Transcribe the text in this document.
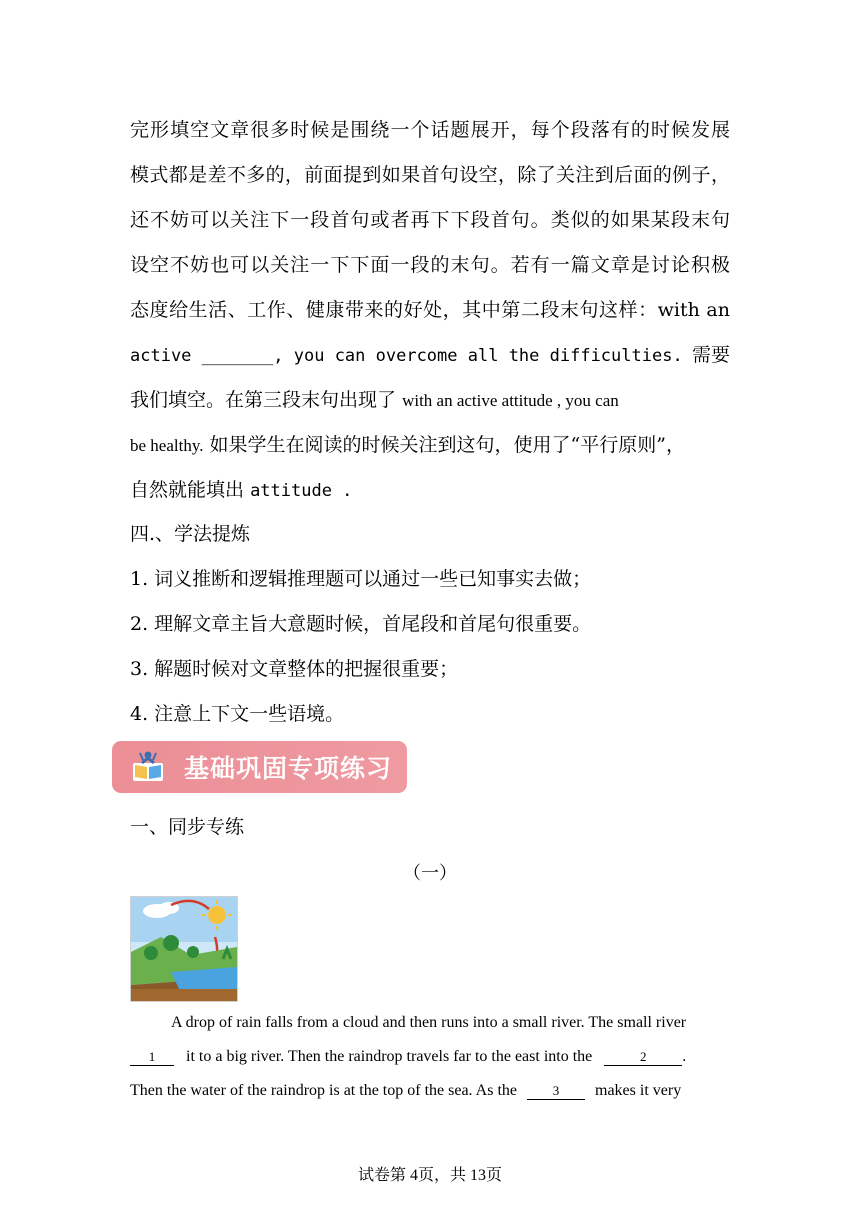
完形填空文章很多时候是围绕一个话题展开，每个段落有的时候发展
模式都是差不多的，前面提到如果首句设空，除了关注到后面的例子，
还不妨可以关注下一段首句或者再下下段首句。类似的如果某段末句
设空不妨也可以关注一下下面一段的末句。若有一篇文章是讨论积极
态度给生活、工作、健康带来的好处，其中第二段末句这样：with an
active _______, you can overcome all the difficulties. 需要
我们填空。在第三段末句出现了 with an active attitude , you can
be healthy. 如果学生在阅读的时候关注到这句，使用了“平行原则”，
自然就能填出 attitude .
四.、学法提炼
1. 词义推断和逻辑推理题可以通过一些已知事实去做；
2. 理解文章主旨大意题时候，首尾段和首尾句很重要。
3. 解题时候对文章整体的把握很重要；
4. 注意上下文一些语境。
基础巩固专项练习
一、同步专练
（一）
A drop of rain falls from a cloud and then runs into a small river. The small river
1 it to a big river. Then the raindrop travels far to the east into the	2 .
Then the water of the raindrop is at the top of the sea. As the	3 makes it very
试卷第 4页，共 13页
